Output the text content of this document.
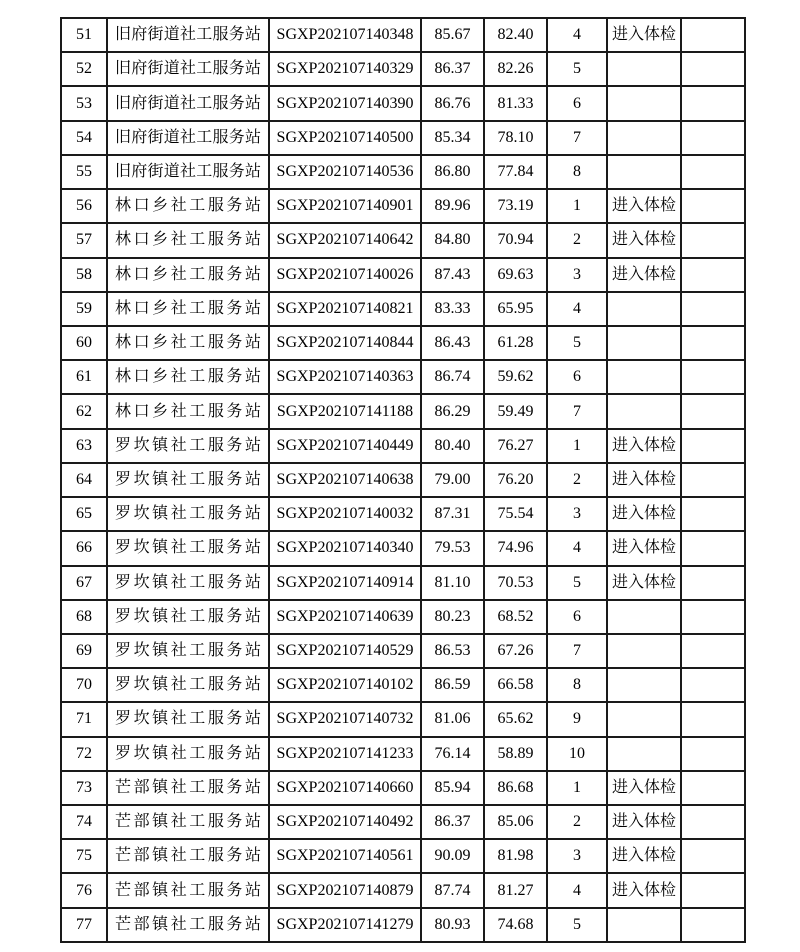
51	旧府街道社工服务站	SGXP202107140348	85.67	82.40	4	进入体检	
52	旧府街道社工服务站	SGXP202107140329	86.37	82.26	5		
53	旧府街道社工服务站	SGXP202107140390	86.76	81.33	6		
54	旧府街道社工服务站	SGXP202107140500	85.34	78.10	7		
55	旧府街道社工服务站	SGXP202107140536	86.80	77.84	8		
56	林口乡社工服务站	SGXP202107140901	89.96	73.19	1	进入体检	
57	林口乡社工服务站	SGXP202107140642	84.80	70.94	2	进入体检	
58	林口乡社工服务站	SGXP202107140026	87.43	69.63	3	进入体检	
59	林口乡社工服务站	SGXP202107140821	83.33	65.95	4		
60	林口乡社工服务站	SGXP202107140844	86.43	61.28	5		
61	林口乡社工服务站	SGXP202107140363	86.74	59.62	6		
62	林口乡社工服务站	SGXP202107141188	86.29	59.49	7		
63	罗坎镇社工服务站	SGXP202107140449	80.40	76.27	1	进入体检	
64	罗坎镇社工服务站	SGXP202107140638	79.00	76.20	2	进入体检	
65	罗坎镇社工服务站	SGXP202107140032	87.31	75.54	3	进入体检	
66	罗坎镇社工服务站	SGXP202107140340	79.53	74.96	4	进入体检	
67	罗坎镇社工服务站	SGXP202107140914	81.10	70.53	5	进入体检	
68	罗坎镇社工服务站	SGXP202107140639	80.23	68.52	6		
69	罗坎镇社工服务站	SGXP202107140529	86.53	67.26	7		
70	罗坎镇社工服务站	SGXP202107140102	86.59	66.58	8		
71	罗坎镇社工服务站	SGXP202107140732	81.06	65.62	9		
72	罗坎镇社工服务站	SGXP202107141233	76.14	58.89	10		
73	芒部镇社工服务站	SGXP202107140660	85.94	86.68	1	进入体检	
74	芒部镇社工服务站	SGXP202107140492	86.37	85.06	2	进入体检	
75	芒部镇社工服务站	SGXP202107140561	90.09	81.98	3	进入体检	
76	芒部镇社工服务站	SGXP202107140879	87.74	81.27	4	进入体检	
77	芒部镇社工服务站	SGXP202107141279	80.93	74.68	5		
